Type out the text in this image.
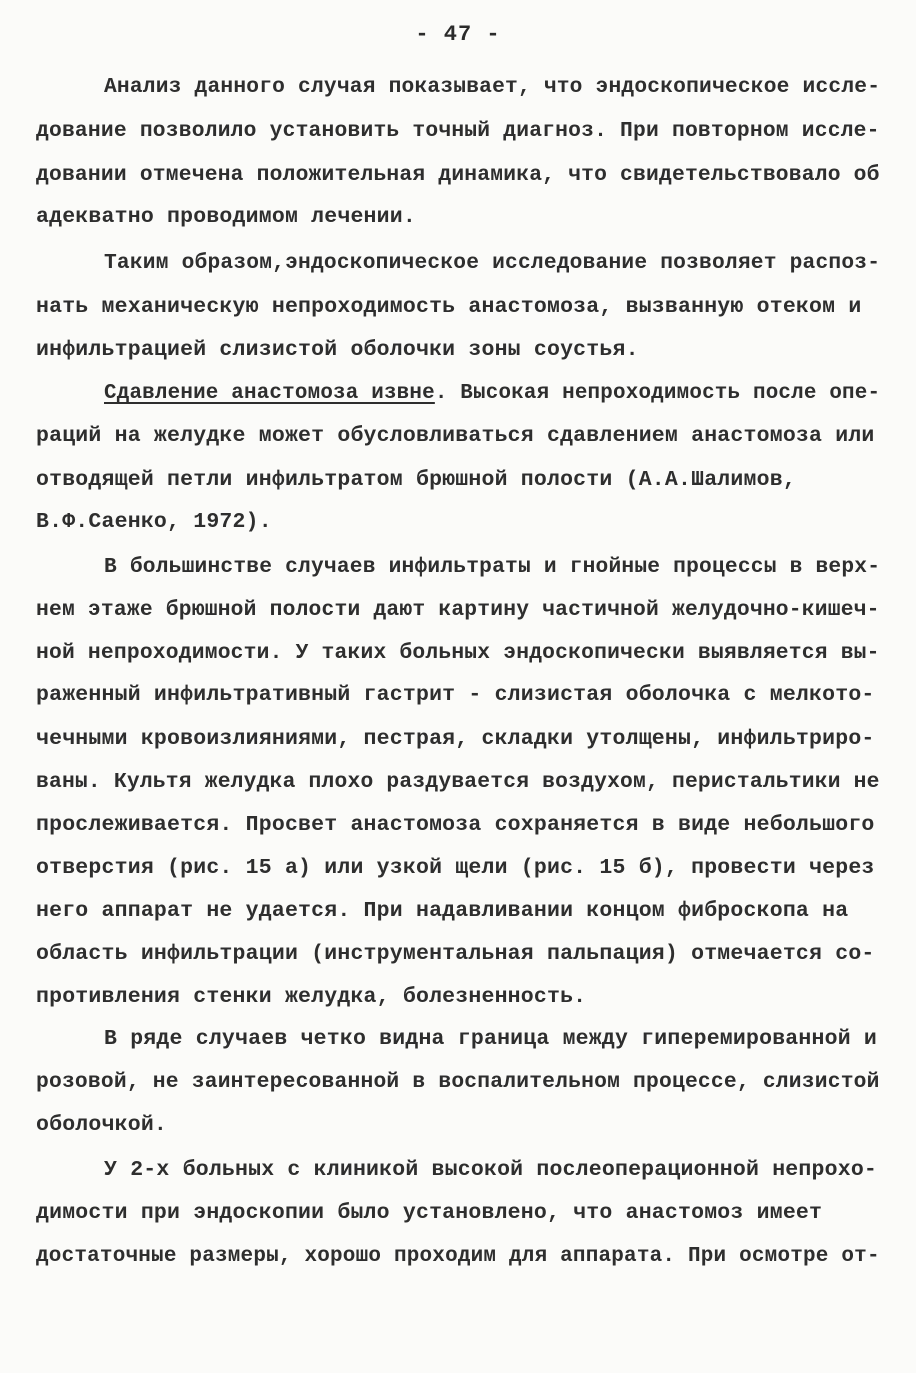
- 47 -
Анализ данного случая показывает, что эндоскопическое иссле-
дование позволило установить точный диагноз. При повторном иссле-
довании отмечена положительная динамика, что свидетельствовало об
адекватно проводимом лечении.
Таким образом,эндоскопическое исследование позволяет распоз-
нать механическую непроходимость анастомоза, вызванную отеком и
инфильтрацией слизистой оболочки зоны соустья.
Сдавление анастомоза извне. Высокая непроходимость после опе-
раций на желудке может обусловливаться сдавлением анастомоза или
отводящей петли инфильтратом брюшной полости (А.А.Шалимов,
В.Ф.Саенко, 1972).
В большинстве случаев инфильтраты и гнойные процессы в верх-
нем этаже брюшной полости дают картину частичной желудочно-кишеч-
ной непроходимости. У таких больных эндоскопически выявляется вы-
раженный инфильтративный гастрит - слизистая оболочка с мелкото-
чечными кровоизлияниями, пестрая, складки утолщены, инфильтриро-
ваны. Культя желудка плохо раздувается воздухом, перистальтики не
прослеживается. Просвет анастомоза сохраняется в виде небольшого
отверстия (рис. 15 а) или узкой щели (рис. 15 б), провести через
него аппарат не удается. При надавливании концом фиброскопа на
область инфильтрации (инструментальная пальпация) отмечается со-
противления стенки желудка, болезненность.
В ряде случаев четко видна граница между гиперемированной и
розовой, не заинтересованной в воспалительном процессе, слизистой
оболочкой.
У 2-х больных с клиникой высокой послеоперационной непрохо-
димости при эндоскопии было установлено, что анастомоз имеет
достаточные размеры, хорошо проходим для аппарата. При осмотре от-
